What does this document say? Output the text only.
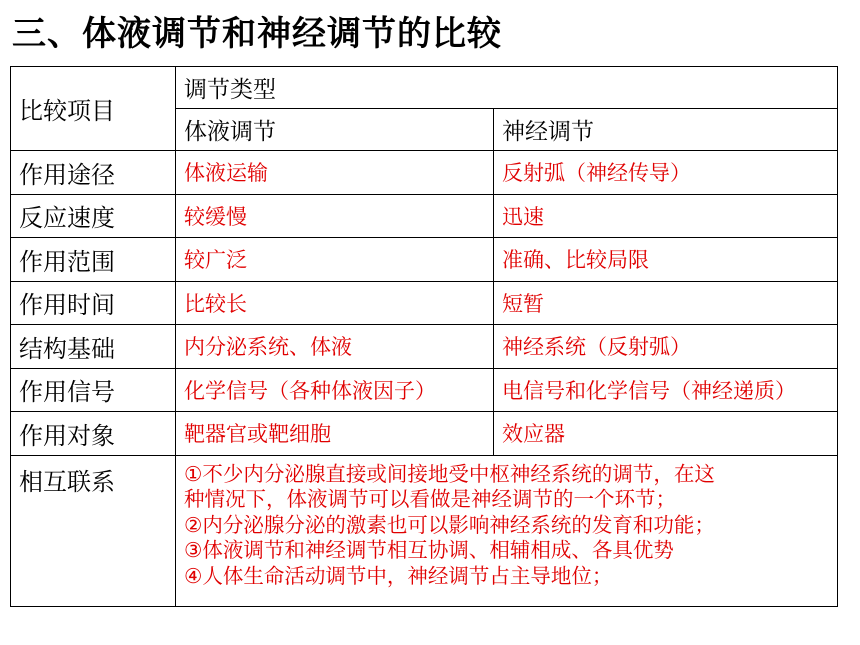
三、体液调节和神经调节的比较
比较项目	调节类型	
	体液调节	神经调节
作用途径	体液运输	反射弧（神经传导）
反应速度	较缓慢	迅速
作用范围	较广泛	准确、比较局限
作用时间	比较长	短暂
结构基础	内分泌系统、体液	神经系统（反射弧）
作用信号	化学信号（各种体液因子）	电信号和化学信号（神经递质）
作用对象	靶器官或靶细胞	效应器
相互联系	①不少内分泌腺直接或间接地受中枢神经系统的调节，在这
种情况下，体液调节可以看做是神经调节的一个环节；
②内分泌腺分泌的激素也可以影响神经系统的发育和功能；
③体液调节和神经调节相互协调、相辅相成、各具优势
④人体生命活动调节中，神经调节占主导地位；	
